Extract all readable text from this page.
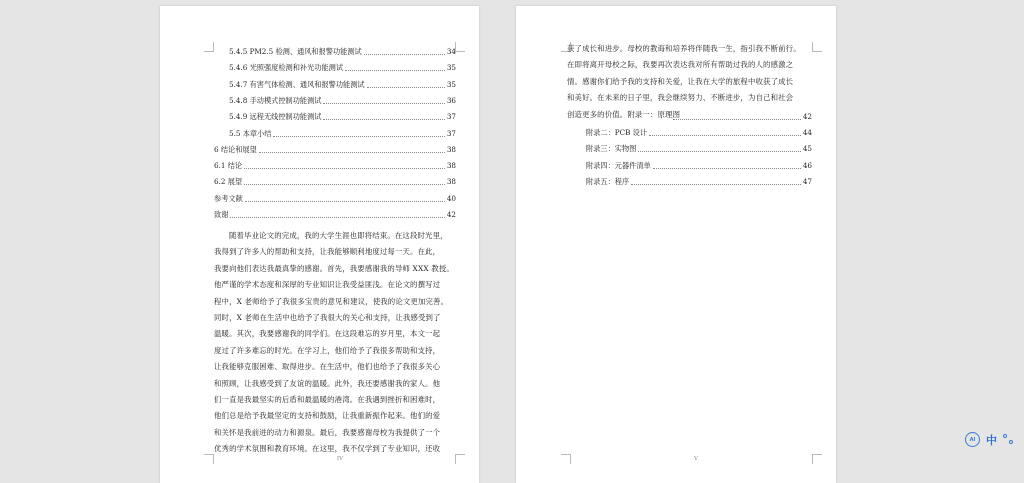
5.4.5 PM2.5 检测、通风和报警功能测试	34
5.4.6 光照强度检测和补光功能测试	35
5.4.7 有害气体检测、通风和报警功能测试	35
5.4.8 手动模式控制功能测试	36
5.4.9 远程无线控制功能测试	37
5.5 本章小结	37
6 结论和展望	38
6.1 结论	38
6.2 展望	38
参考文献	40
致谢	42
随着毕业论文的完成，我的大学生涯也即将结束。在这段时光里，
我得到了许多人的帮助和支持，让我能够顺利地度过每一天。在此，
我要向他们表达我最真挚的感谢。首先，我要感谢我的导师 XXX 教授。
他严谨的学术态度和深厚的专业知识让我受益匪浅。在论文的撰写过
程中，X 老师给予了我很多宝贵的意见和建议，使我的论文更加完善。
同时，X 老师在生活中也给予了我很大的关心和支持，让我感受到了
温暖。其次，我要感谢我的同学们。在这段难忘的岁月里，本文一起
度过了许多难忘的时光。在学习上，他们给予了我很多帮助和支持，
让我能够克服困难、取得进步。在生活中，他们也给予了我很多关心
和照顾，让我感受到了友谊的温暖。此外，我还要感谢我的家人。他
们一直是我最坚实的后盾和最温暖的港湾。在我遇到挫折和困难时，
他们总是给予我最坚定的支持和鼓励，让我重新振作起来。他们的爱
和关怀是我前进的动力和源泉。最后，我要感谢母校为我提供了一个
优秀的学术氛围和教育环境。在这里，我不仅学到了专业知识，还收
IV
获了成长和进步。母校的教诲和培养将伴随我一生，指引我不断前行。
在即将离开母校之际，我要再次表达我对所有帮助过我的人的感激之
情。感谢你们给予我的支持和关爱，让我在大学的旅程中收获了成长
和美好。在未来的日子里，我会继续努力、不断进步，为自己和社会
创造更多的价值。附录一：原理图	42
附录二：PCB 设计	44
附录三：实物图	45
附录四：元器件清单	46
附录五：程序	47
V
AI 中
